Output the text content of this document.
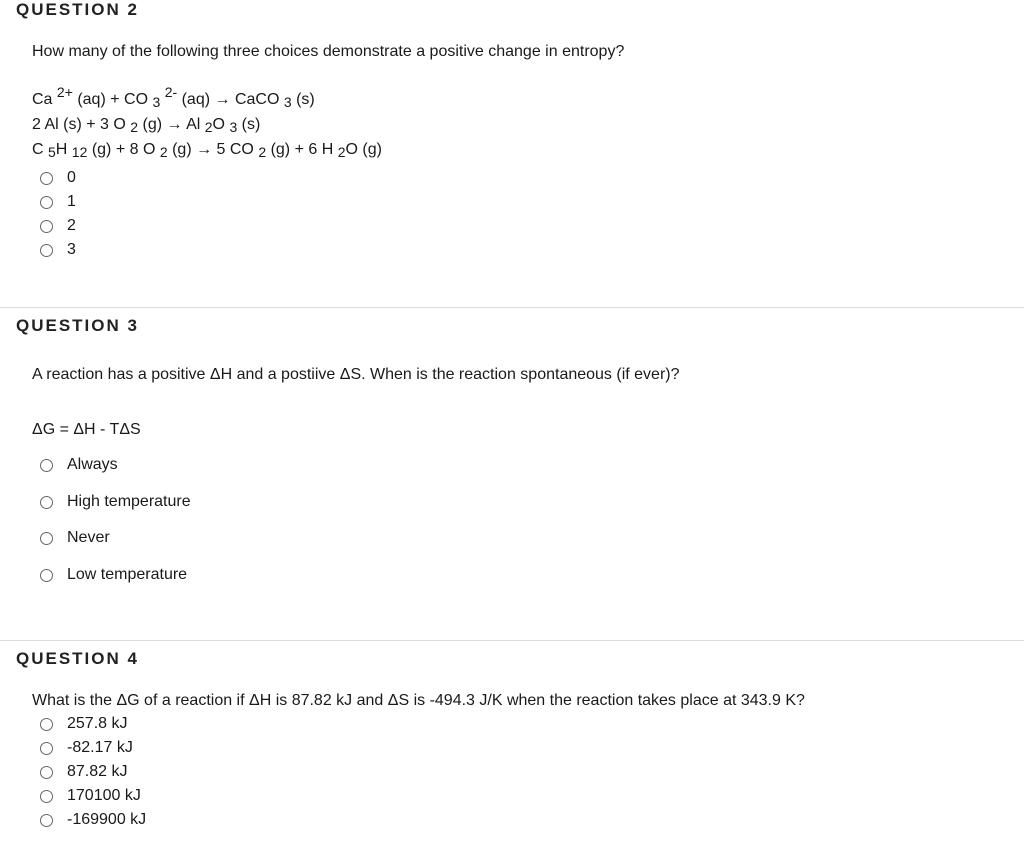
QUESTION 2
How many of the following three choices demonstrate a positive change in entropy?
Ca 2+ (aq) + CO 3 2- (aq) → CaCO 3 (s)
2 Al (s) + 3 O 2 (g) → Al 2O 3 (s)
C 5H 12 (g) + 8 O 2 (g) → 5 CO 2 (g) + 6 H 2O (g)
0
1
2
3
QUESTION 3
A reaction has a positive ΔH and a postiive ΔS. When is the reaction spontaneous (if ever)?
ΔG = ΔH - TΔS
Always
High temperature
Never
Low temperature
QUESTION 4
What is the ΔG of a reaction if ΔH is 87.82 kJ and ΔS is -494.3 J/K when the reaction takes place at 343.9 K?
257.8 kJ
-82.17 kJ
87.82 kJ
170100 kJ
-169900 kJ
